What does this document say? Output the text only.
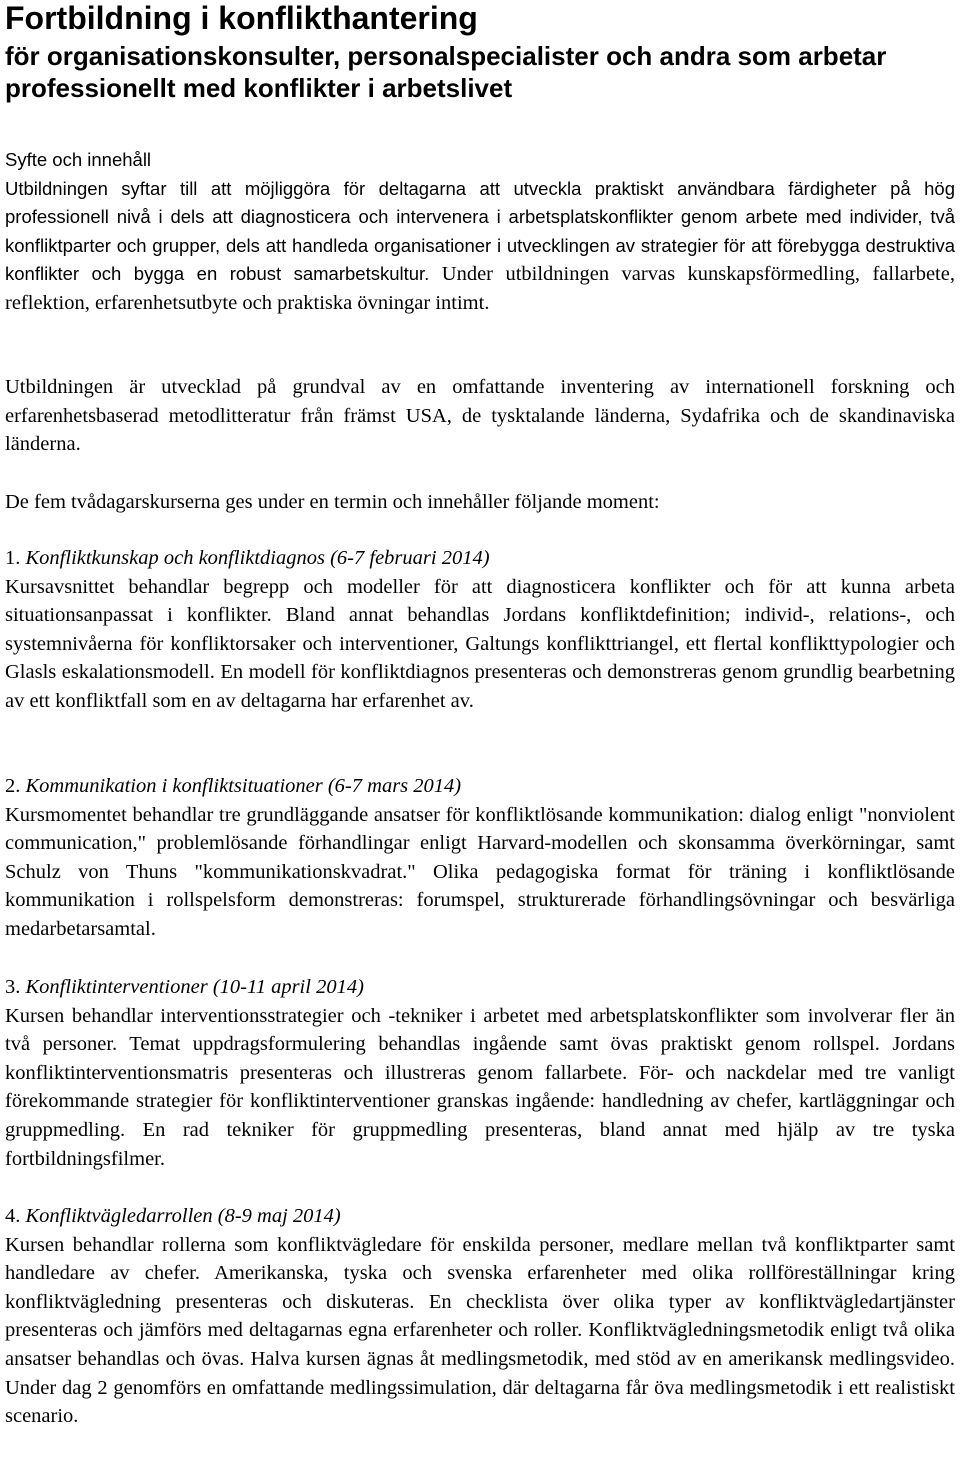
Fortbildning i konflikthantering
för organisationskonsulter, personalspecialister och andra som arbetar professionellt med konflikter i arbetslivet
Syfte och innehåll

Utbildningen syftar till att möjliggöra för deltagarna att utveckla praktiskt användbara färdigheter på hög professionell nivå i dels att diagnosticera och intervenera i arbetsplatskonflikter genom arbete med individer, två konfliktparter och grupper, dels att handleda organisationer i utvecklingen av strategier för att förebygga destruktiva konflikter och bygga en robust samarbetskultur. Under utbildningen varvas kunskapsförmedling, fallarbete, reflektion, erfarenhetsutbyte och praktiska övningar intimt.

Utbildningen är utvecklad på grundval av en omfattande inventering av internationell forskning och erfarenhetsbaserad metodlitteratur från främst USA, de tysktalande länderna, Sydafrika och de skandinaviska länderna.

De fem tvådagarskurserna ges under en termin och innehåller följande moment:

1. Konfliktkunskap och konfliktdiagnos (6-7 februari 2014)

Kursavsnittet behandlar begrepp och modeller för att diagnosticera konflikter och för att kunna arbeta situationsanpassat i konflikter. Bland annat behandlas Jordans konfliktdefinition; individ-, relations-, och systemnivåerna för konfliktorsaker och interventioner, Galtungs konflikttriangel, ett flertal konflikttypologier och Glasls eskalationsmodell. En modell för konfliktdiagnos presenteras och demonstreras genom grundlig bearbetning av ett konfliktfall som en av deltagarna har erfarenhet av.

2. Kommunikation i konfliktsituationer (6-7 mars 2014)

Kursmomentet behandlar tre grundläggande ansatser för konfliktlösande kommunikation: dialog enligt "nonviolent communication," problemlösande förhandlingar enligt Harvard-modellen och skonsamma överkörningar, samt Schulz von Thuns "kommunikationskvadrat." Olika pedagogiska format för träning i konfliktlösande kommunikation i rollspelsform demonstreras: forumspel, strukturerade förhandlingsövningar och besvärliga medarbetarsamtal.

3. Konfliktinterventioner (10-11 april 2014)

Kursen behandlar interventionsstrategier och -tekniker i arbetet med arbetsplatskonflikter som involverar fler än två personer. Temat uppdragsformulering behandlas ingående samt övas praktiskt genom rollspel. Jordans konfliktinterventionsmatris presenteras och illustreras genom fallarbete. För- och nackdelar med tre vanligt förekommande strategier för konfliktinterventioner granskas ingående: handledning av chefer, kartläggningar och gruppmedling. En rad tekniker för gruppmedling presenteras, bland annat med hjälp av tre tyska fortbildningsfilmer.

4. Konfliktvägledarrollen (8-9 maj 2014)

Kursen behandlar rollerna som konfliktvägledare för enskilda personer, medlare mellan två konfliktparter samt handledare av chefer. Amerikanska, tyska och svenska erfarenheter med olika rollföreställningar kring konfliktvägledning presenteras och diskuteras. En checklista över olika typer av konfliktvägledartjänster presenteras och jämförs med deltagarnas egna erfarenheter och roller. Konfliktvägledningsmetodik enligt två olika ansatser behandlas och övas. Halva kursen ägnas åt medlingsmetodik, med stöd av en amerikansk medlingsvideo. Under dag 2 genomförs en omfattande medlingssimulation, där deltagarna får öva medlingsmetodik i ett realistiskt scenario.
